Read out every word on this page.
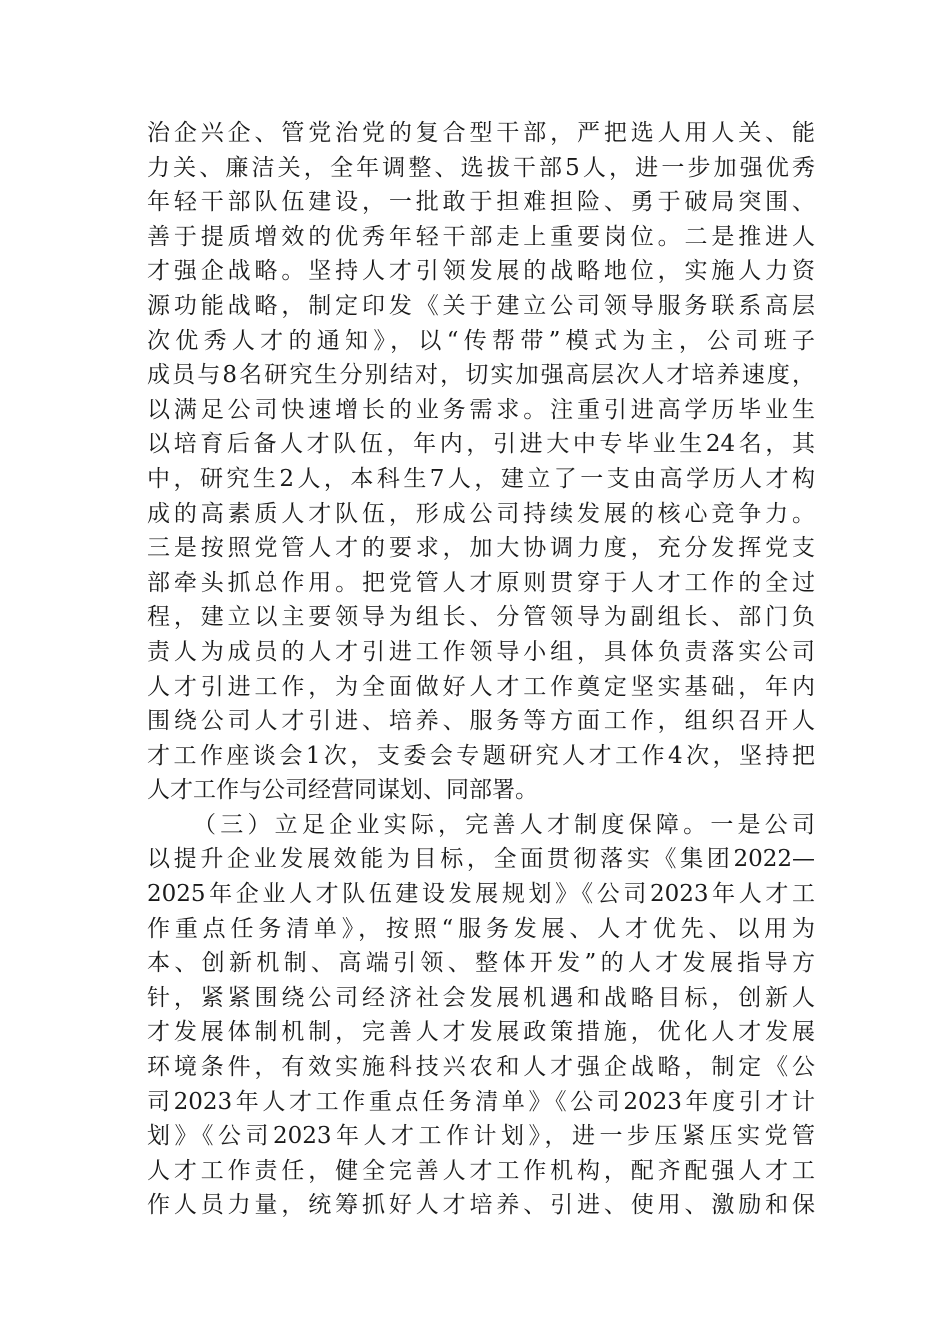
治企兴企、管党治党的复合型干部，严把选人用人关、能
力关、廉洁关，全年调整、选拔干部5人，进一步加强优秀
年轻干部队伍建设，一批敢于担难担险、勇于破局突围、
善于提质增效的优秀年轻干部走上重要岗位。二是推进人
才强企战略。坚持人才引领发展的战略地位，实施人力资
源功能战略，制定印发《关于建立公司领导服务联系高层
次优秀人才的通知》，以“传帮带”模式为主，公司班子
成员与8名研究生分别结对，切实加强高层次人才培养速度，
以满足公司快速增长的业务需求。注重引进高学历毕业生
以培育后备人才队伍，年内，引进大中专毕业生24名，其
中，研究生2人，本科生7人，建立了一支由高学历人才构
成的高素质人才队伍，形成公司持续发展的核心竞争力。
三是按照党管人才的要求，加大协调力度，充分发挥党支
部牵头抓总作用。把党管人才原则贯穿于人才工作的全过
程，建立以主要领导为组长、分管领导为副组长、部门负
责人为成员的人才引进工作领导小组，具体负责落实公司
人才引进工作，为全面做好人才工作奠定坚实基础，年内
围绕公司人才引进、培养、服务等方面工作，组织召开人
才工作座谈会1次，支委会专题研究人才工作4次，坚持把
人才工作与公司经营同谋划、同部署。
（三）立足企业实际，完善人才制度保障。一是公司
以提升企业发展效能为目标，全面贯彻落实《集团2022—
2025年企业人才队伍建设发展规划》《公司2023年人才工
作重点任务清单》，按照“服务发展、人才优先、以用为
本、创新机制、高端引领、整体开发”的人才发展指导方
针，紧紧围绕公司经济社会发展机遇和战略目标，创新人
才发展体制机制，完善人才发展政策措施，优化人才发展
环境条件，有效实施科技兴农和人才强企战略，制定《公
司2023年人才工作重点任务清单》《公司2023年度引才计
划》《公司2023年人才工作计划》，进一步压紧压实党管
人才工作责任，健全完善人才工作机构，配齐配强人才工
作人员力量，统筹抓好人才培养、引进、使用、激励和保
